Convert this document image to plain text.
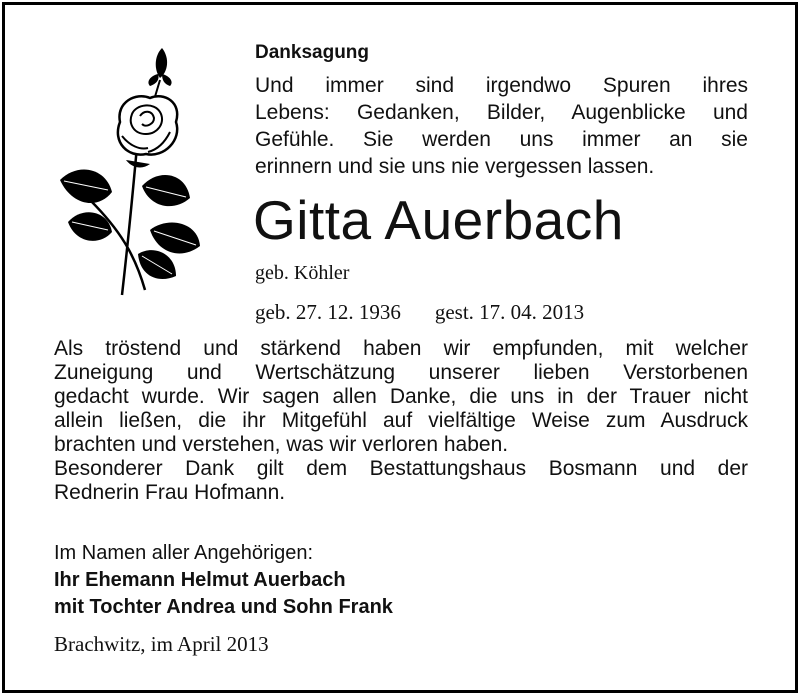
Danksagung
Und immer sind irgendwo Spuren ihres
Lebens: Gedanken, Bilder, Augenblicke und
Gefühle. Sie werden uns immer an sie
erinnern und sie uns nie vergessen lassen.
Gitta Auerbach
geb. Köhler
geb. 27. 12. 1936 gest. 17. 04. 2013
Als tröstend und stärkend haben wir empfunden, mit welcher
Zuneigung und Wertschätzung unserer lieben Verstorbenen
gedacht wurde. Wir sagen allen Danke, die uns in der Trauer nicht
allein ließen, die ihr Mitgefühl auf vielfältige Weise zum Ausdruck
brachten und verstehen, was wir verloren haben.
Besonderer Dank gilt dem Bestattungshaus Bosmann und der
Rednerin Frau Hofmann.
Im Namen aller Angehörigen:
Ihr Ehemann Helmut Auerbach
mit Tochter Andrea und Sohn Frank
Brachwitz, im April 2013
